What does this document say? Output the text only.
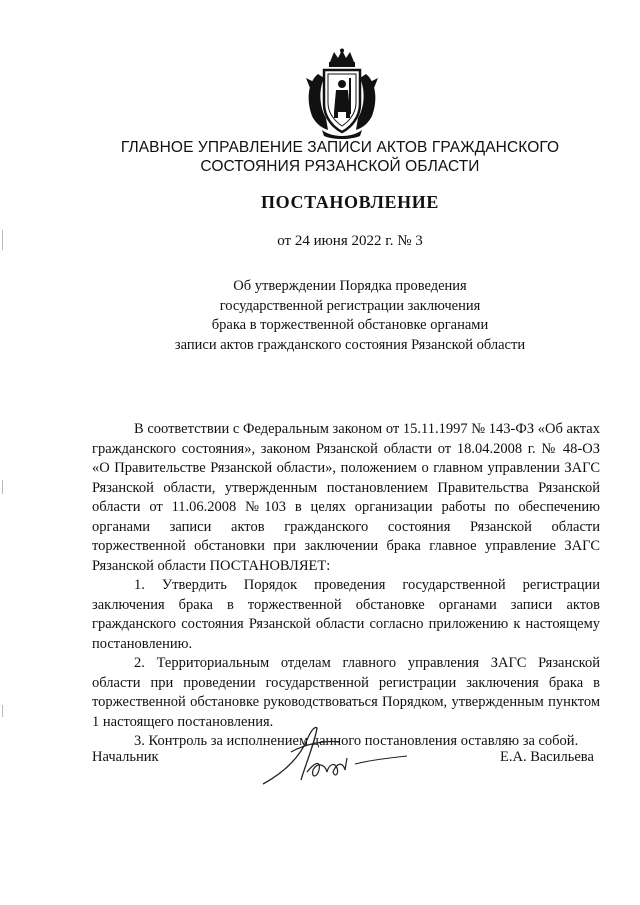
ГЛАВНОЕ УПРАВЛЕНИЕ ЗАПИСИ АКТОВ ГРАЖДАНСКОГО
СОСТОЯНИЯ РЯЗАНСКОЙ ОБЛАСТИ
ПОСТАНОВЛЕНИЕ
от 24 июня 2022 г. № 3
Об утверждении Порядка проведения
государственной регистрации заключения
брака в торжественной обстановке органами
записи актов гражданского состояния Рязанской области

В соответствии с Федеральным законом от 15.11.1997 № 143-ФЗ «Об актах гражданского состояния», законом Рязанской области от 18.04.2008 г. № 48-ОЗ «О Правительстве Рязанской области», положением о главном управлении ЗАГС Рязанской области, утвержденным постановлением Правительства Рязанской области от 11.06.2008 №103 в целях организации работы по обеспечению органами записи актов гражданского состояния Рязанской области торжественной обстановки при заключении брака главное управление ЗАГС Рязанской области ПОСТАНОВЛЯЕТ:

1. Утвердить Порядок проведения государственной регистрации заключения брака в торжественной обстановке органами записи актов гражданского состояния Рязанской области согласно приложению к настоящему постановлению.

2. Территориальным отделам главного управления ЗАГС Рязанской области при проведении государственной регистрации заключения брака в торжественной обстановке руководствоваться Порядком, утвержденным пунктом 1 настоящего постановления.

3. Контроль за исполнением данного постановления оставляю за собой.

Начальник	Е.А. Васильева
